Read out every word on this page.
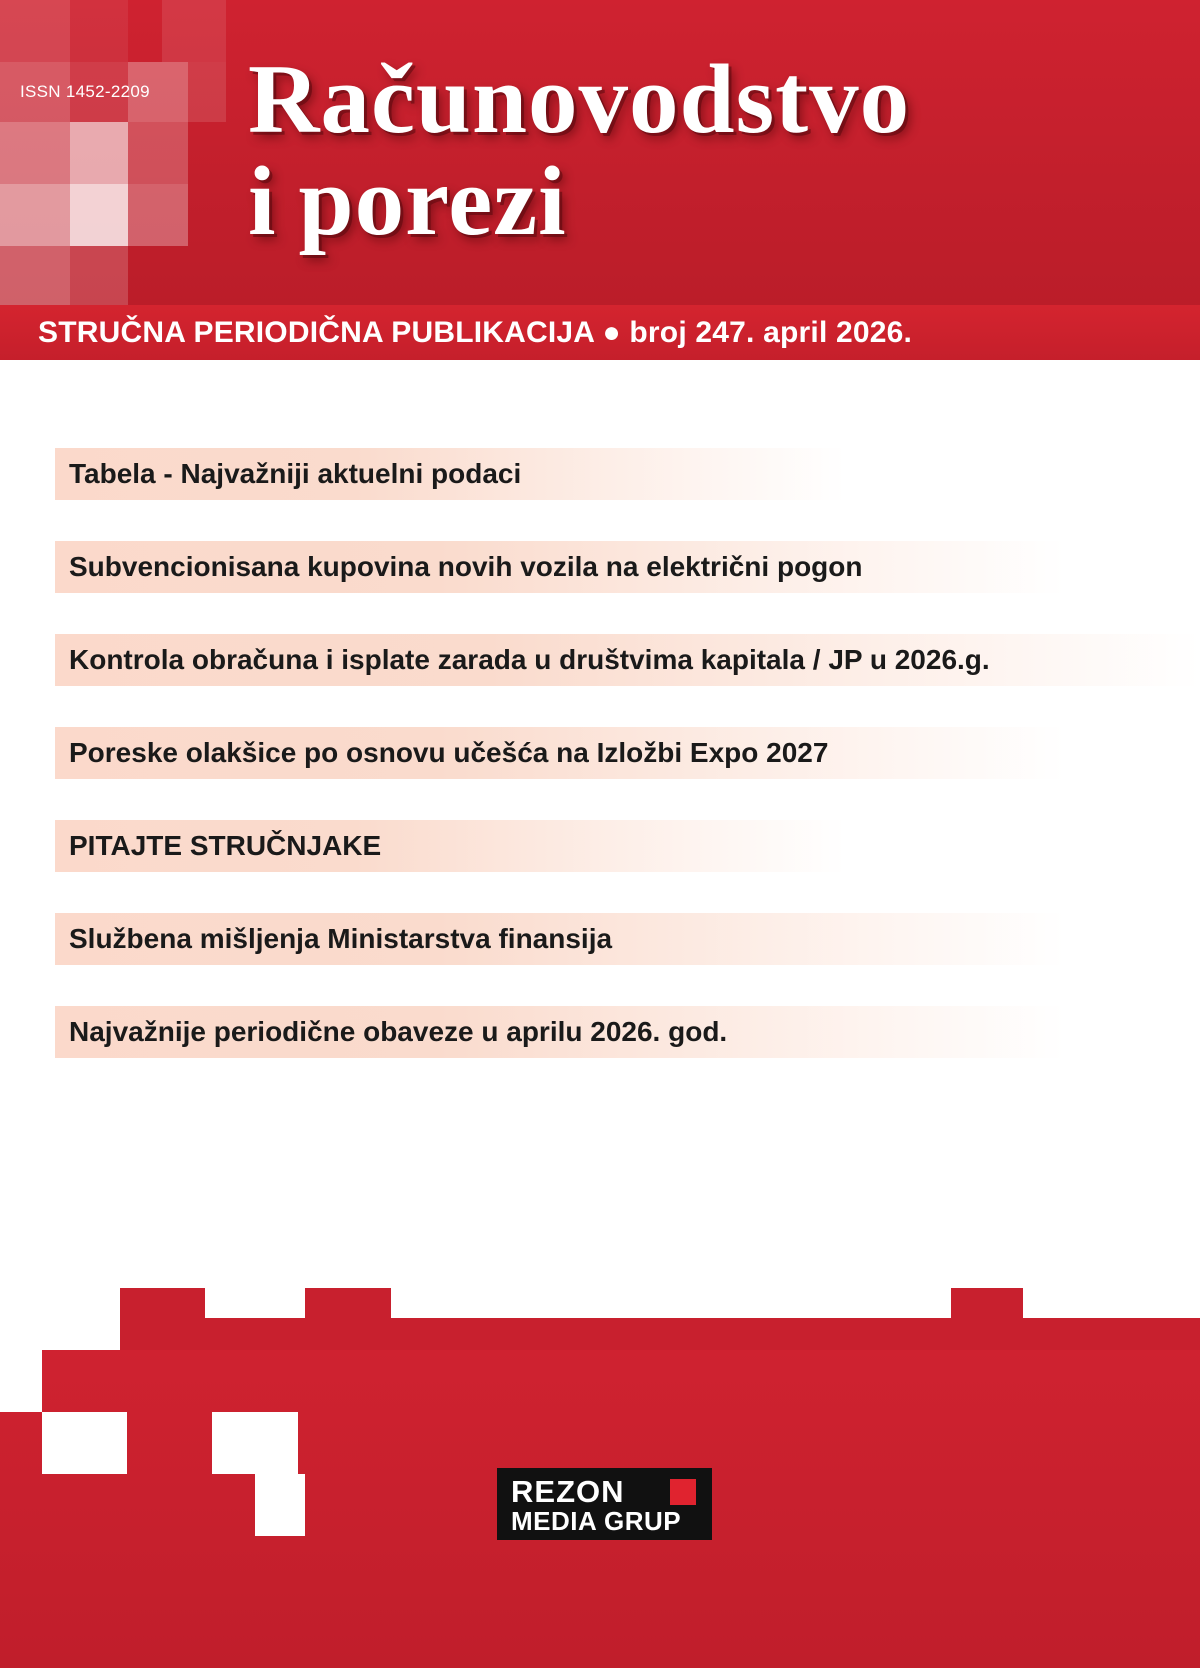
ISSN 1452-2209 Računovodstvo
i porezi
STRUČNA PERIODIČNA PUBLIKACIJA ● broj 247. april 2026.
Tabela - Najvažniji aktuelni podaci
Subvencionisana kupovina novih vozila na električni pogon
Kontrola obračuna i isplate zarada u društvima kapitala / JP u 2026.g.
Poreske olakšice po osnovu učešća na Izložbi Expo 2027
PITAJTE STRUČNJAKE
Službena mišljenja Ministarstva finansija
Najvažnije periodične obaveze u aprilu 2026. god.
REZON
MEDIA GRUP
